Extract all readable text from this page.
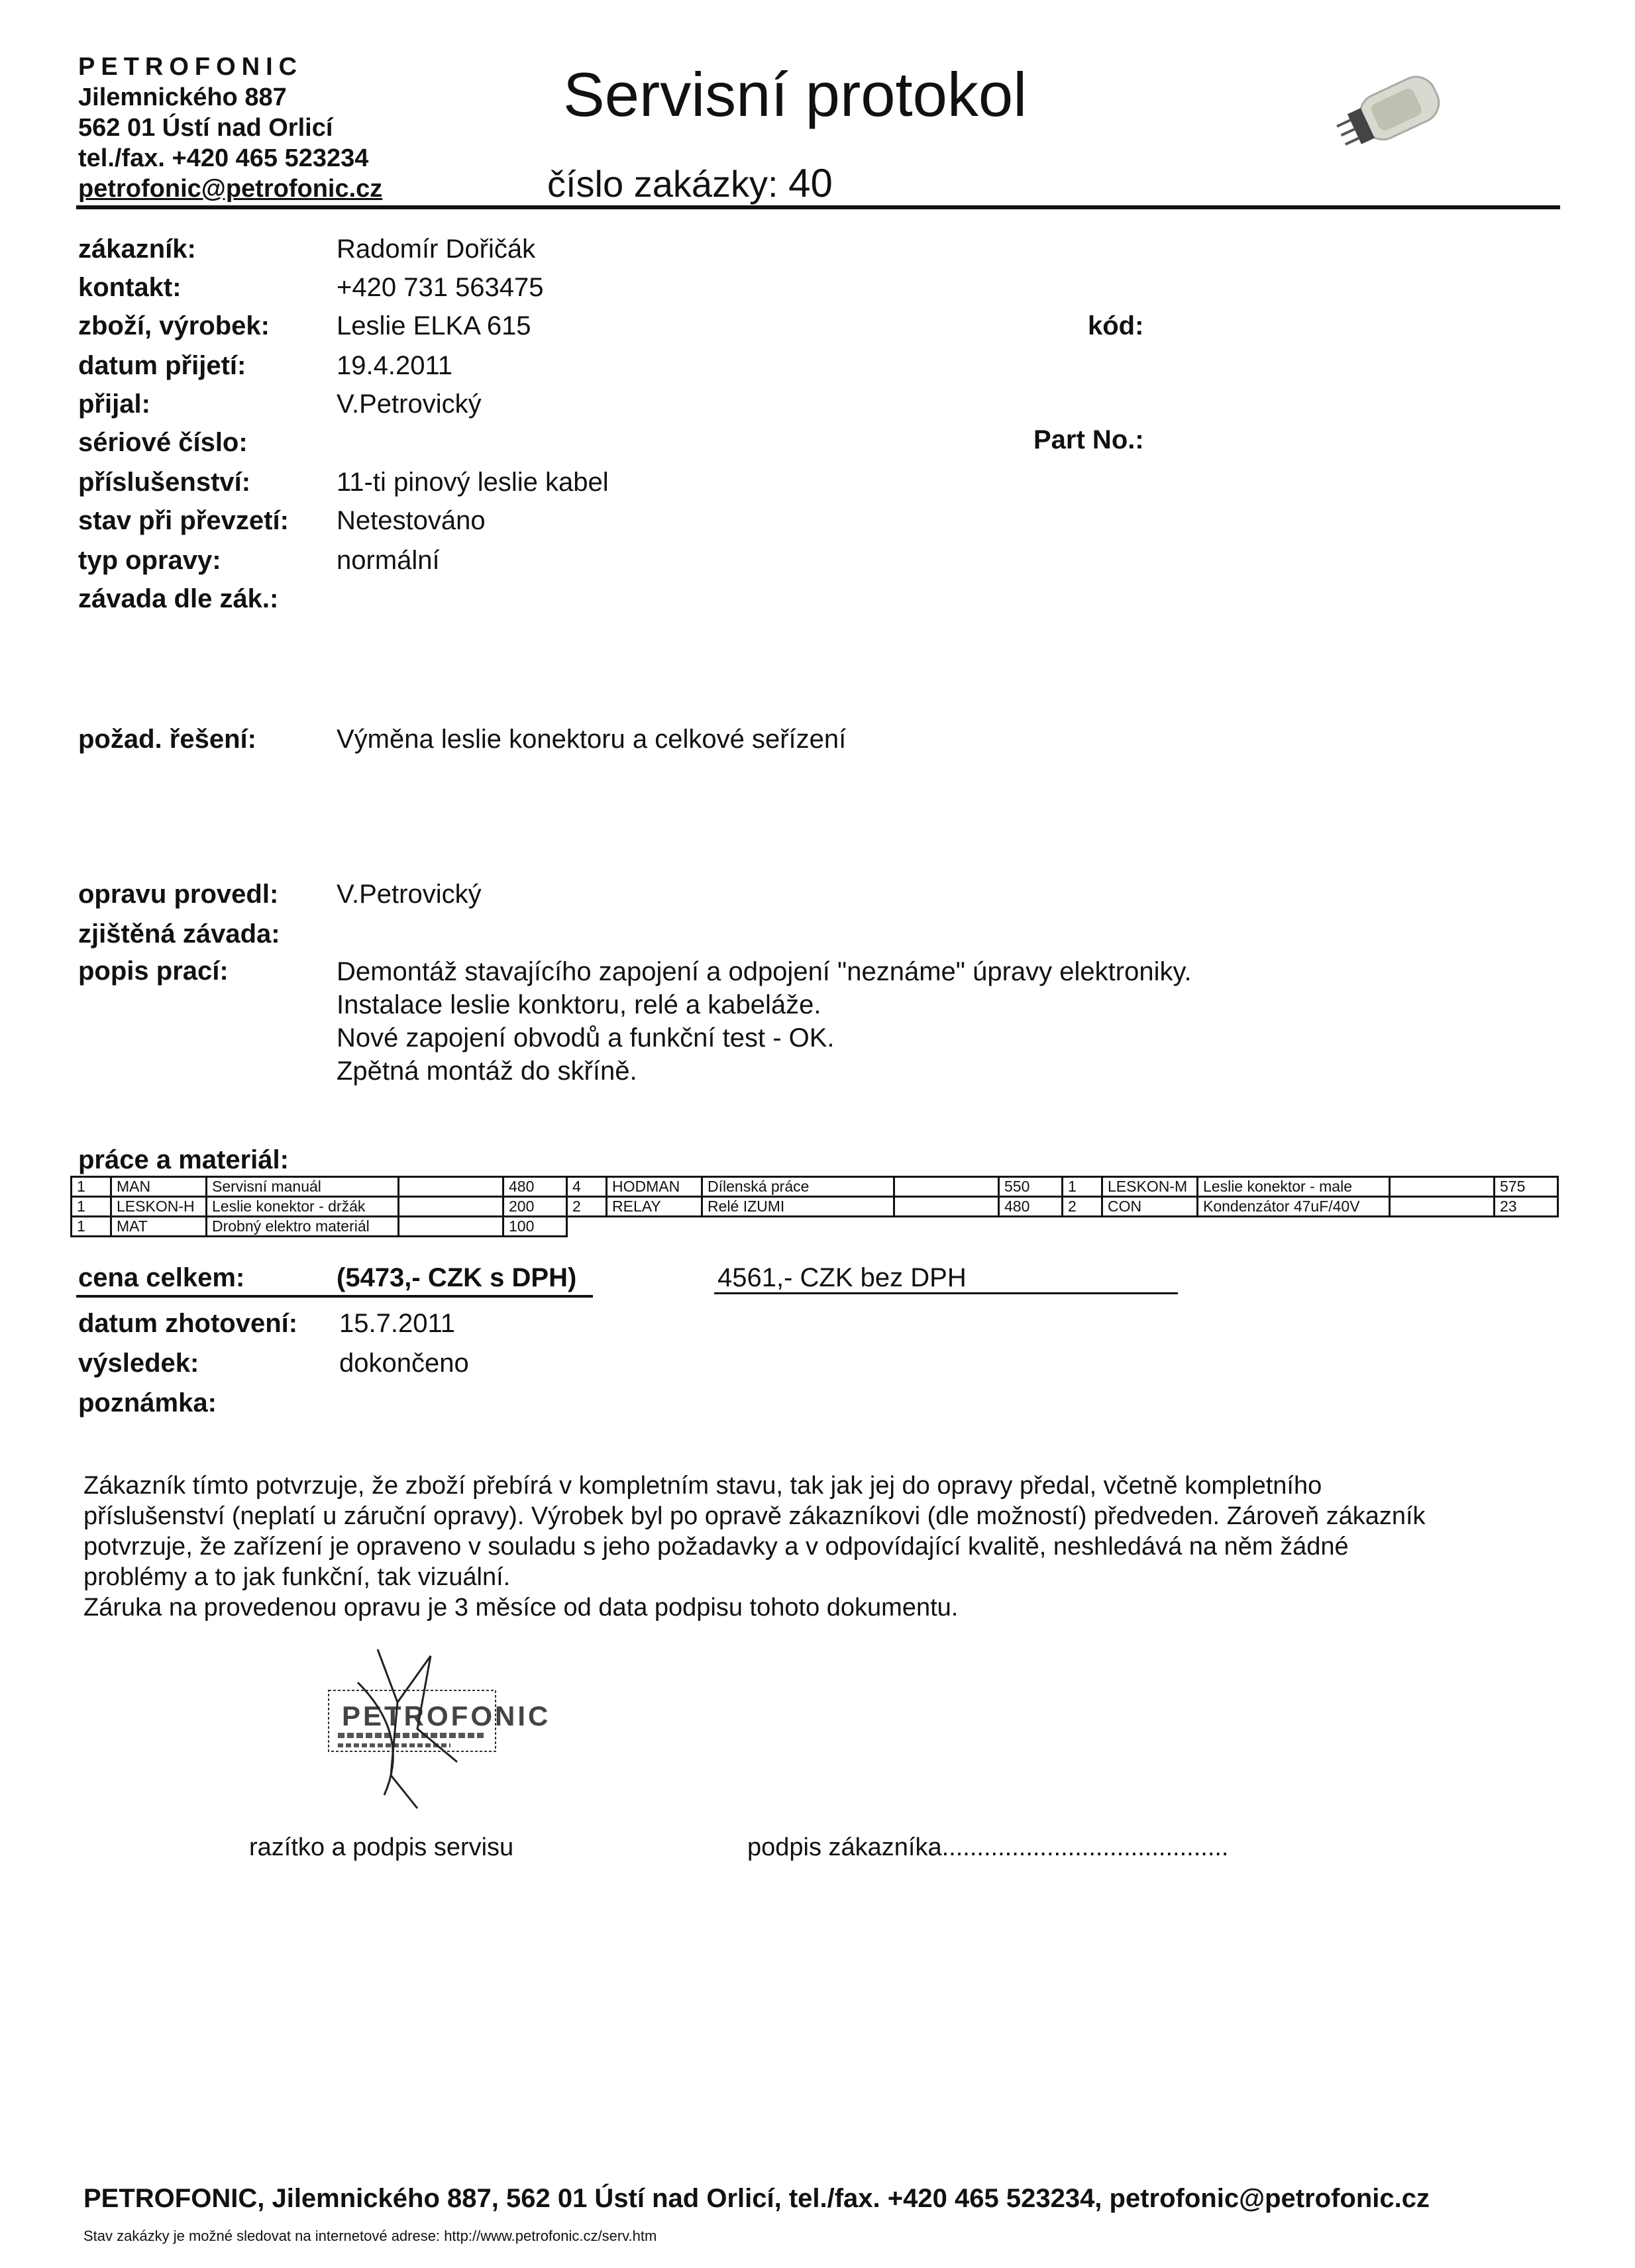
PETROFONIC
Jilemnického 887
562 01 Ústí nad Orlicí
tel./fax. +420 465 523234
petrofonic@petrofonic.cz
Servisní protokol
číslo zakázky: 40
zákazník:	Radomír Dořičák
kontakt:	+420 731 563475
zboží, výrobek:	Leslie ELKA 615	kód:
datum přijetí:	19.4.2011
přijal:	V.Petrovický
sériové číslo:	Part No.:
příslušenství:	11-ti pinový leslie kabel
stav při převzetí: Netestováno
typ opravy:	normální
závada dle zák.:
požad. řešení:	Výměna leslie konektoru a celkové seřízení
opravu provedl: V.Petrovický
zjištěná závada:
popis prací:	Demontáž stavajícího zapojení a odpojení "neznáme" úpravy elektroniky.
Instalace leslie konktoru, relé a kabeláže.
Nové zapojení obvodů a funkční test - OK.
Zpětná montáž do skříně.
práce a materiál:
1	MAN	Servisní manuál		480	4	HODMAN	Dílenská práce		550	1	LESKON-M	Leslie konektor - male		575
1	LESKON-H	Leslie konektor - držák		200	2	RELAY	Relé IZUMI		480	2	CON	Kondenzátor 47uF/40V		23
1	MAT	Drobný elektro materiál		100										
cena celkem:	(5473,- CZK s DPH)	4561,- CZK bez DPH
datum zhotovení: 15.7.2011
výsledek:	dokončeno
poznámka:
Zákazník tímto potvrzuje, že zboží přebírá v kompletním stavu, tak jak jej do opravy předal, včetně kompletního
příslušenství (neplatí u záruční opravy). Výrobek byl po opravě zákazníkovi (dle možností) předveden. Zároveň zákazník
potvrzuje, že zařízení je opraveno v souladu s jeho požadavky a v odpovídající kvalitě, neshledává na něm žádné
problémy a to jak funkční, tak vizuální.
Záruka na provedenou opravu je 3 měsíce od data podpisu tohoto dokumentu.
PETROFONIC
razítko a podpis servisu	podpis zákazníka.........................................
PETROFONIC, Jilemnického 887, 562 01 Ústí nad Orlicí, tel./fax. +420 465 523234, petrofonic@petrofonic.cz
Stav zakázky je možné sledovat na internetové adrese: http://www.petrofonic.cz/serv.htm
